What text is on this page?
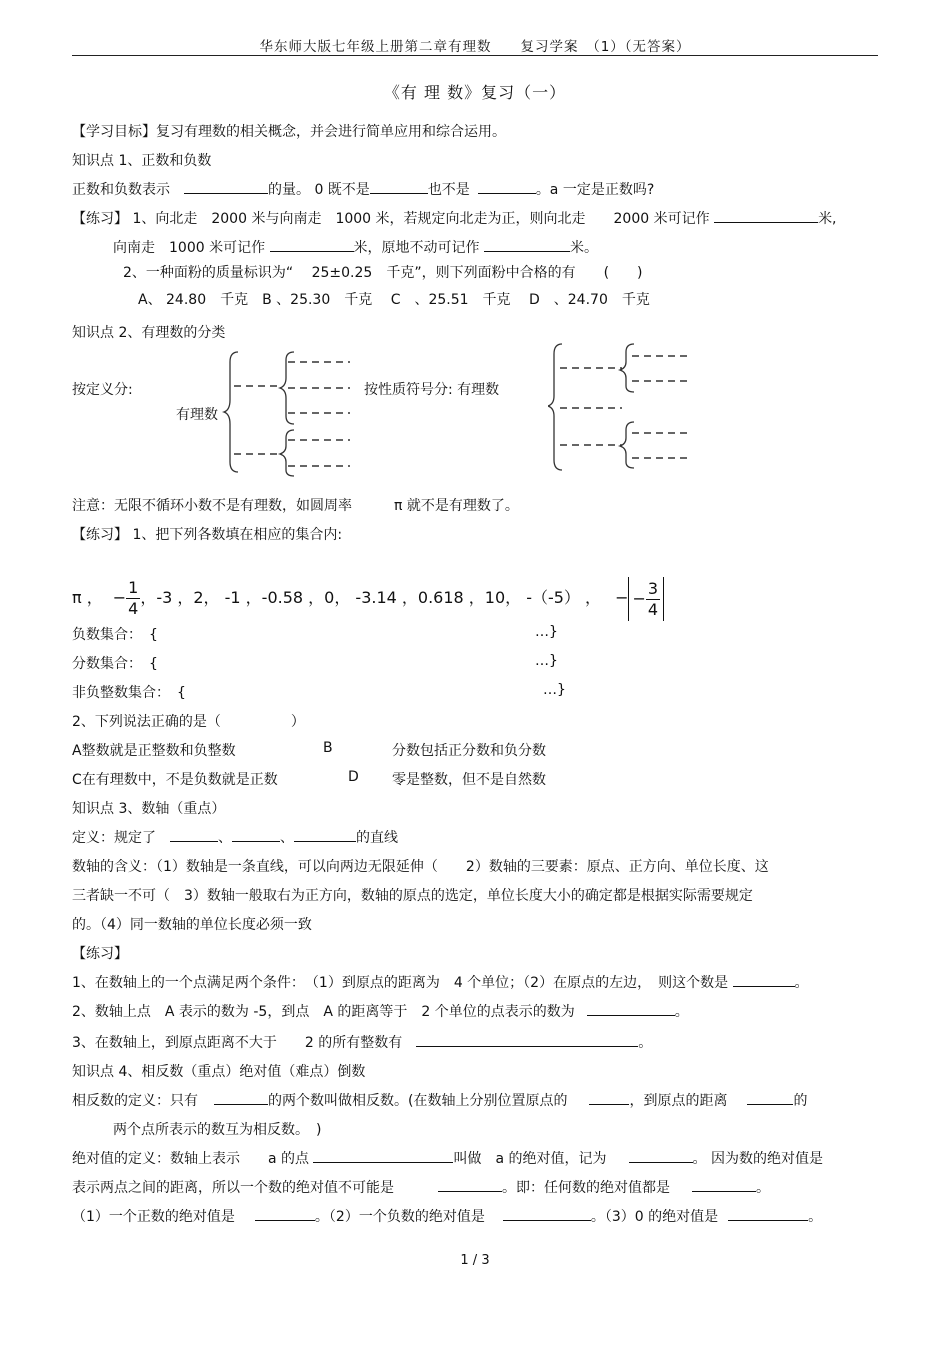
华东师大版七年级上册第二章有理数　　复习学案　（1）（无答案）
《有 理 数》复习（一）
【学习目标】复习有理数的相关概念，并会进行简单应用和综合运用。
知识点 1、正数和负数
正数和负数表示	的量。 0 既不是	也不是	。a 一定是正数吗?
【练习】 1、向北走　2000 米与向南走　1000 米，若规定向北走为正，则向北走　　2000 米可记作	米,
向南走　1000 米可记作	米，原地不动可记作	米。
2、一种面粉的质量标识为“　 25±0.25　千克”，则下列面粉中合格的有　　(　　)
A、 24.80　千克　B 、25.30　千克　 C　、25.51　千克　 D　、24.70　千克
知识点 2、有理数的分类
按定义分:
有理数
按性质符号分: 有理数
注意：无限不循环小数不是有理数，如圆周率　　　π 就不是有理数了。
【练习】 1、把下列各数填在相应的集合内:
π ， − $\frac{1}{4}$ ，-3 ，2， -1 ，-0.58 ，0， -3.14 ，0.618 ，10， -（-5） ， − − $\frac{3}{4}$
负数集合：　{	…}
分数集合：　{	…}
非负整数集合：　{	…}
2、下列说法正确的是（　　　　　）
A整数就是正整数和负整数	B	分数包括正分数和负分数
C在有理数中，不是负数就是正数	D 零是整数，但不是自然数
知识点 3、数轴（重点）
定义：规定了	、	、	的直线
数轴的含义：（1）数轴是一条直线，可以向两边无限延伸（　　2）数轴的三要素：原点、正方向、单位长度、这
三者缺一不可（　3）数轴一般取右为正方向，数轴的原点的选定，单位长度大小的确定都是根据实际需要规定
的。（4）同一数轴的单位长度必须一致
【练习】
1、在数轴上的一个点满足两个条件：　（1）到原点的距离为　4 个单位；（2）在原点的左边，　则这个数是	。
2、数轴上点　A 表示的数为 -5，到点　A 的距离等于　2 个单位的点表示的数为	。
3、在数轴上，到原点距离不大于　　2 的所有整数有	。
知识点 4、相反数（重点）绝对值（难点）倒数
相反数的定义：只有	的两个数叫做相反数。(在数轴上分别位置原点的	，到原点的距离	的
两个点所表示的数互为相反数。　)
绝对值的定义：数轴上表示　　a 的点	叫做　a 的绝对值，记为	。 因为数的绝对值是
表示两点之间的距离，所以一个数的绝对值不可能是	。即：任何数的绝对值都是	。
（1）一个正数的绝对值是	。（2）一个负数的绝对值是	。（3）0 的绝对值是	。
1 / 3
